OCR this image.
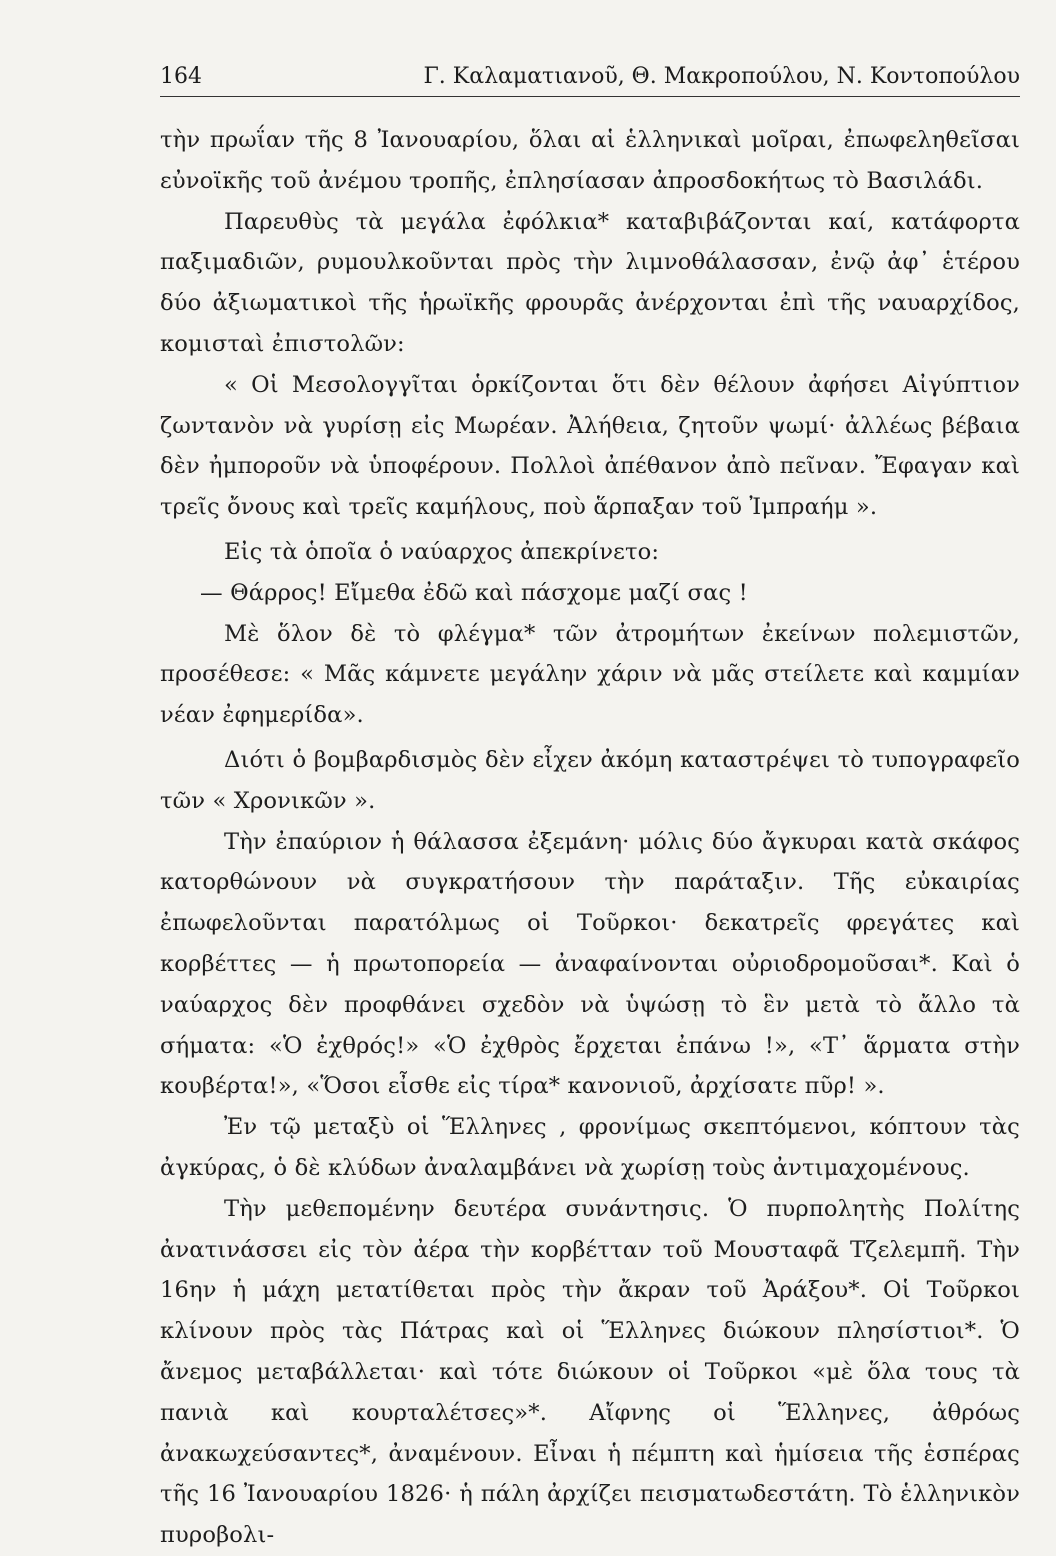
164	Γ. Καλαματιανοῦ, Θ. Μακροπούλου, Ν. Κοντοπούλου

τὴν πρωΐαν τῆς 8 Ἰανουαρίου, ὅλαι αἱ ἑλληνικαὶ μοῖραι, ἐπωφεληθεῖσαι εὐνοϊκῆς τοῦ ἀνέμου τροπῆς, ἐπλησίασαν ἀπροσδοκήτως τὸ Βασιλάδι.

Παρευθὺς τὰ μεγάλα ἐφόλκια* καταβιβάζονται καί, κατάφορτα παξιμαδιῶν, ρυμουλκοῦνται πρὸς τὴν λιμνοθάλασσαν, ἐνῷ ἀφ᾽ ἑτέρου δύο ἀξιωματικοὶ τῆς ἡρωϊκῆς φρουρᾶς ἀνέρχονται ἐπὶ τῆς ναυαρχίδος, κομισταὶ ἐπιστολῶν:

« Οἱ Μεσολογγῖται ὁρκίζονται ὅτι δὲν θέλουν ἀφήσει Αἰγύπτιον ζωντανὸν νὰ γυρίσῃ εἰς Μωρέαν. Ἀλήθεια, ζητοῦν ψωμί· ἀλλέως βέβαια δὲν ἠμποροῦν νὰ ὑποφέρουν. Πολλοὶ ἀπέθανον ἀπὸ πεῖναν. Ἔφαγαν καὶ τρεῖς ὄνους καὶ τρεῖς καμήλους, ποὺ ἅρπαξαν τοῦ Ἰμπραήμ ».

Εἰς τὰ ὁποῖα ὁ ναύαρχος ἀπεκρίνετο:

— Θάρρος! Εἴμεθα ἐδῶ καὶ πάσχομε μαζί σας !

Μὲ ὅλον δὲ τὸ φλέγμα* τῶν ἀτρομήτων ἐκείνων πολεμιστῶν, προσέθεσε: « Μᾶς κάμνετε μεγάλην χάριν νὰ μᾶς στείλετε καὶ καμμίαν νέαν ἐφημερίδα».

Διότι ὁ βομβαρδισμὸς δὲν εἶχεν ἀκόμη καταστρέψει τὸ τυπογραφεῖο τῶν « Χρονικῶν ».

Τὴν ἐπαύριον ἡ θάλασσα ἐξεμάνη· μόλις δύο ἄγκυραι κατὰ σκάφος κατορθώνουν νὰ συγκρατήσουν τὴν παράταξιν. Τῆς εὐκαιρίας ἐπωφελοῦνται παρατόλμως οἱ Τοῦρκοι· δεκατρεῖς φρεγάτες καὶ κορβέττες — ἡ πρωτοπορεία — ἀναφαίνονται οὐριοδρομοῦσαι*. Καὶ ὁ ναύαρχος δὲν προφθάνει σχεδὸν νὰ ὑψώσῃ τὸ ἓν μετὰ τὸ ἄλλο τὰ σήματα: «Ὁ ἐχθρός!» «Ὁ ἐχθρὸς ἔρχεται ἐπάνω !», «Τ᾽ ἅρματα στὴν κουβέρτα!», «Ὅσοι εἶσθε εἰς τίρα* κανονιοῦ, ἀρχίσατε πῦρ! ».

Ἐν τῷ μεταξὺ οἱ Ἕλληνες , φρονίμως σκεπτόμενοι, κόπτουν τὰς ἀγκύρας, ὁ δὲ κλύδων ἀναλαμβάνει νὰ χωρίσῃ τοὺς ἀντιμαχομένους.

Τὴν μεθεπομένην δευτέρα συνάντησις. Ὁ πυρπολητὴς Πολίτης ἀνατινάσσει εἰς τὸν ἀέρα τὴν κορβέτταν τοῦ Μουσταφᾶ Τζελεμπῆ. Τὴν 16ην ἡ μάχη μετατίθεται πρὸς τὴν ἄκραν τοῦ Ἀράξου*. Οἱ Τοῦρκοι κλίνουν πρὸς τὰς Πάτρας καὶ οἱ Ἕλληνες διώκουν πλησίστιοι*. Ὁ ἄνεμος μεταβάλλεται· καὶ τότε διώκουν οἱ Τοῦρκοι «μὲ ὅλα τους τὰ πανιὰ καὶ κουρταλέτσες»*. Αἴφνης οἱ Ἕλληνες, ἀθρόως ἀνακωχεύσαντες*, ἀναμένουν. Εἶναι ἡ πέμπτη καὶ ἡμίσεια τῆς ἑσπέρας τῆς 16 Ἰανουαρίου 1826· ἡ πάλη ἀρχίζει πεισματωδεστάτη. Τὸ ἑλληνικὸν πυροβολι-
